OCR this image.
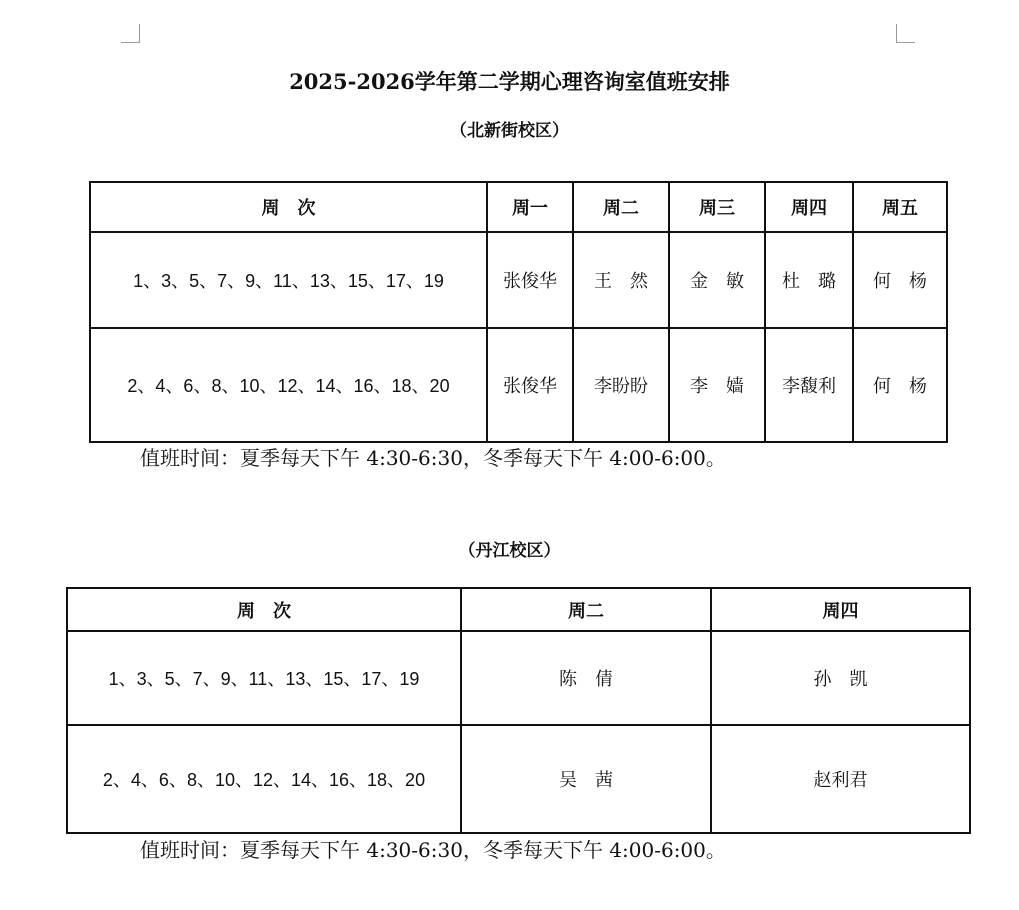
2025-2026学年第二学期心理咨询室值班安排
（北新街校区）
周　次	周一	周二	周三	周四	周五
1、3、5、7、9、11、13、15、17、19	张俊华	王　然	金　敏	杜　璐	何　杨
2、4、6、8、10、12、14、16、18、20	张俊华	李盼盼	李　嫱	李馥利	何　杨
值班时间：夏季每天下午 4:30-6:30，冬季每天下午 4:00-6:00。
（丹江校区）
周　次	周二	周四
1、3、5、7、9、11、13、15、17、19	陈　倩	孙　凯
2、4、6、8、10、12、14、16、18、20	吴　茜	赵利君
值班时间：夏季每天下午 4:30-6:30，冬季每天下午 4:00-6:00。
